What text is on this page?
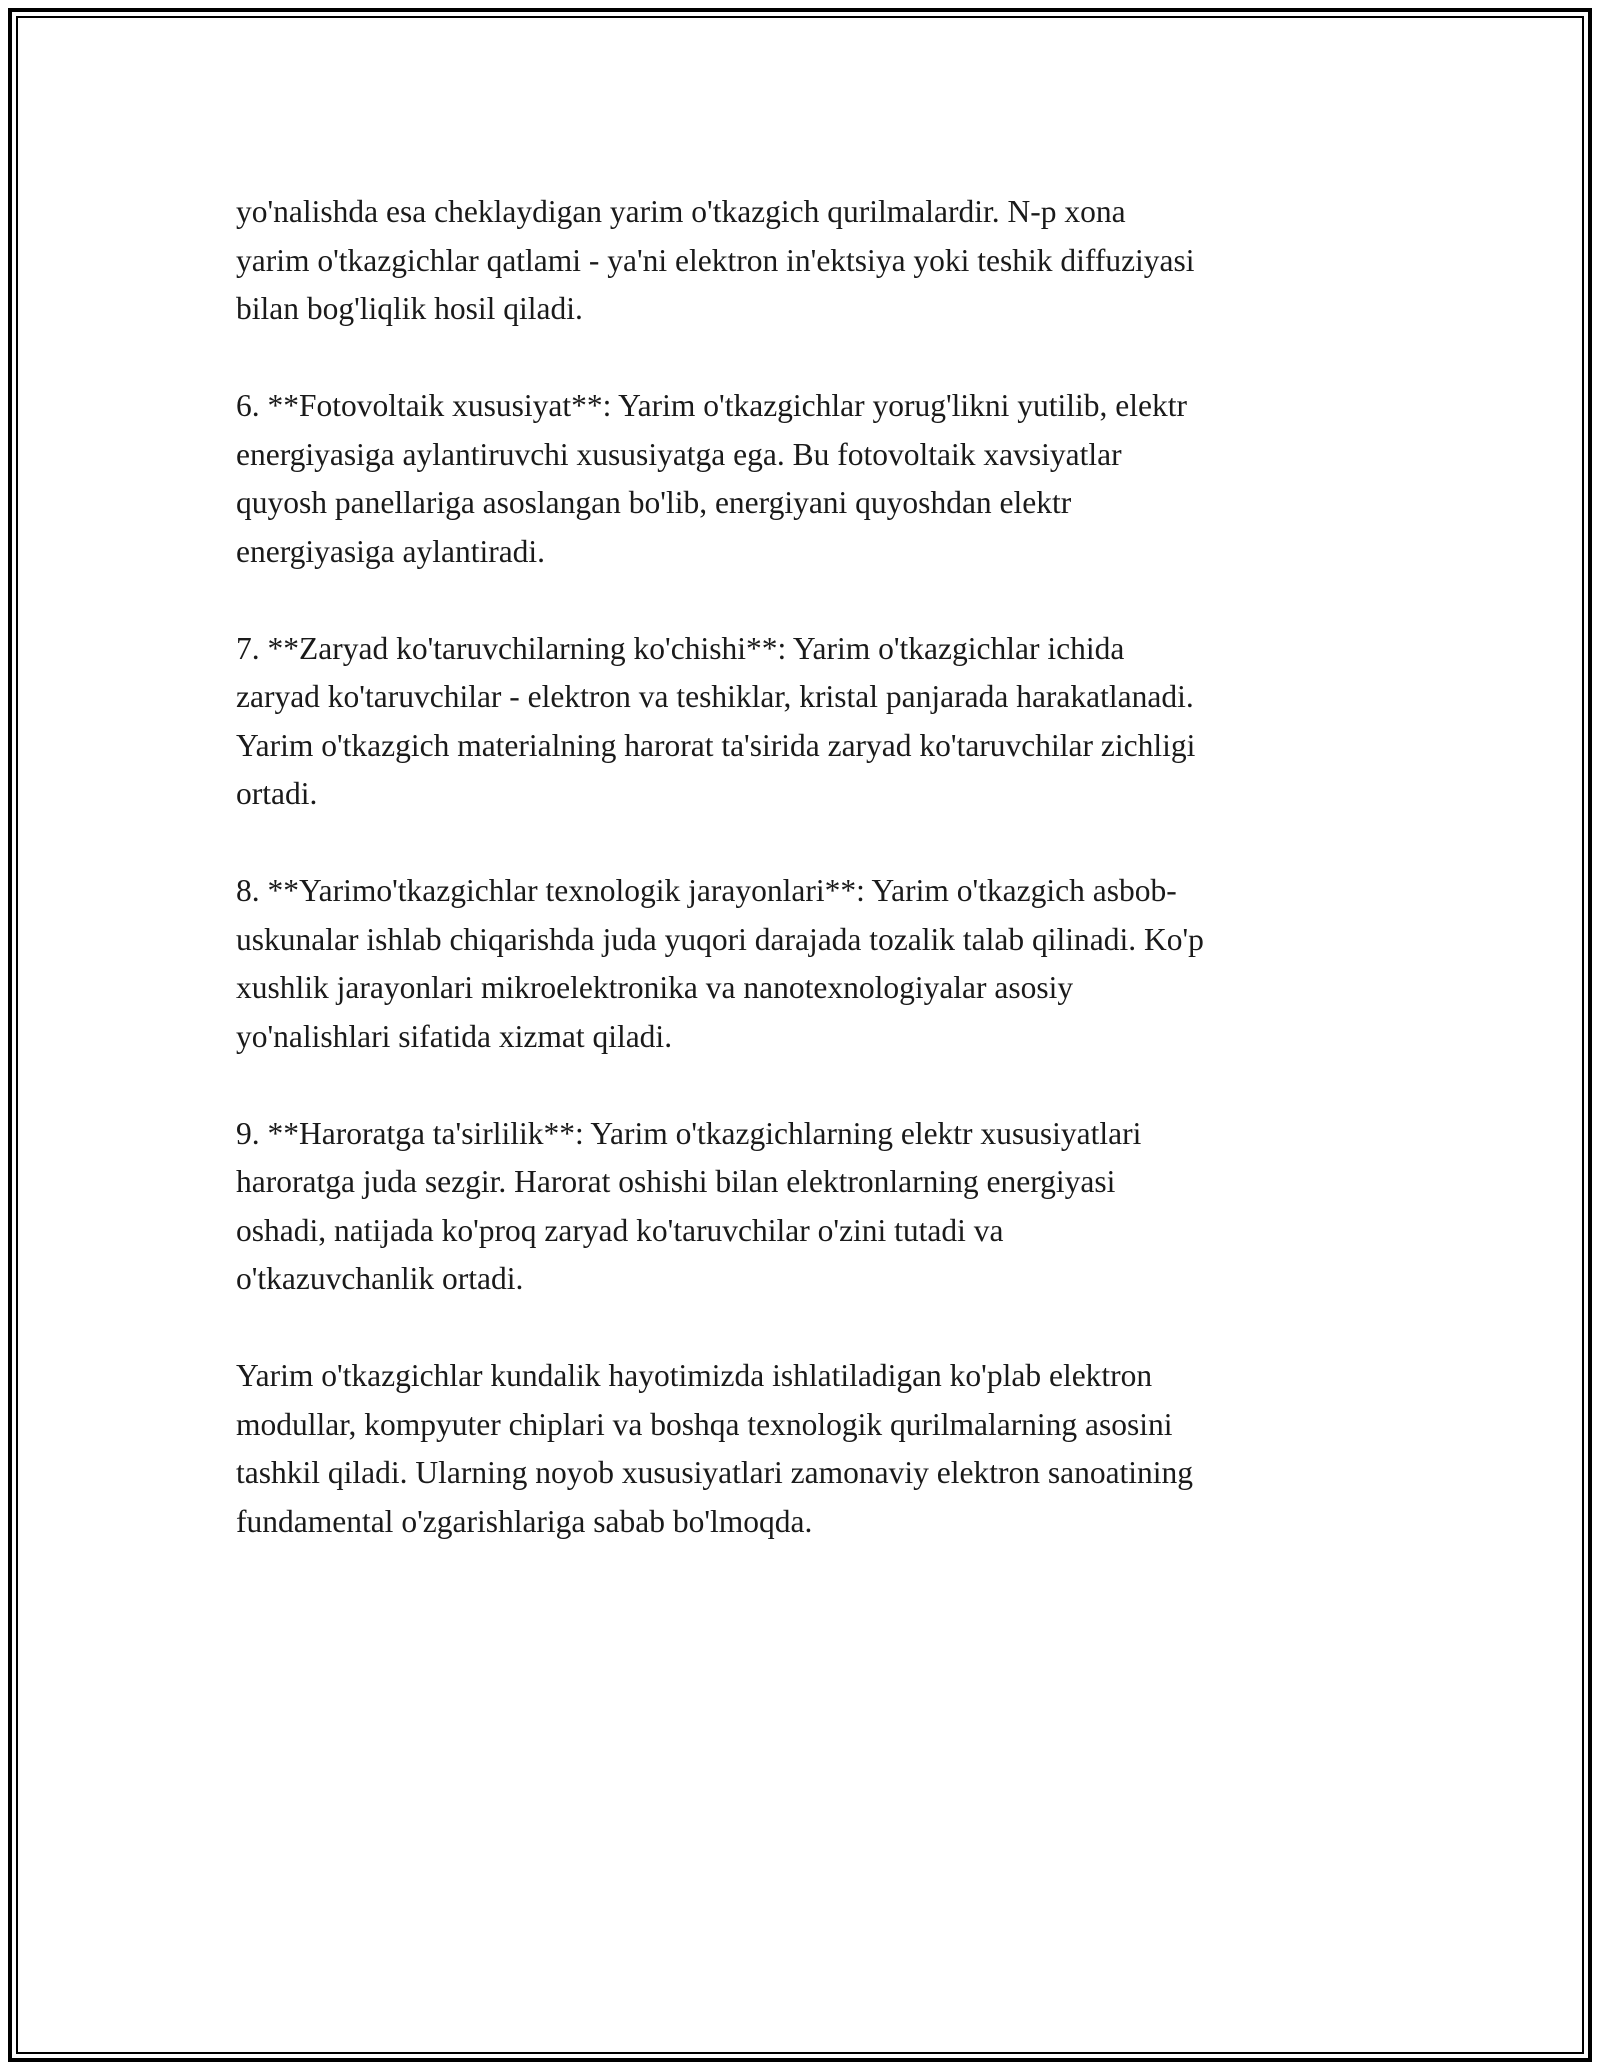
yo'nalishda esa cheklaydigan yarim o'tkazgich qurilmalardir. N-p xona
yarim o'tkazgichlar qatlami - ya'ni elektron in'ektsiya yoki teshik diffuziyasi
bilan bog'liqlik hosil qiladi.

6. **Fotovoltaik xususiyat**: Yarim o'tkazgichlar yorug'likni yutilib, elektr
energiyasiga aylantiruvchi xususiyatga ega. Bu fotovoltaik xavsiyatlar
quyosh panellariga asoslangan bo'lib, energiyani quyoshdan elektr
energiyasiga aylantiradi.

7. **Zaryad ko'taruvchilarning ko'chishi**: Yarim o'tkazgichlar ichida
zaryad ko'taruvchilar - elektron va teshiklar, kristal panjarada harakatlanadi.
Yarim o'tkazgich materialning harorat ta'sirida zaryad ko'taruvchilar zichligi
ortadi.

8. **Yarimo'tkazgichlar texnologik jarayonlari**: Yarim o'tkazgich asbob-
uskunalar ishlab chiqarishda juda yuqori darajada tozalik talab qilinadi. Ko'p
xushlik jarayonlari mikroelektronika va nanotexnologiyalar asosiy
yo'nalishlari sifatida xizmat qiladi.

9. **Haroratga ta'sirlilik**: Yarim o'tkazgichlarning elektr xususiyatlari
haroratga juda sezgir. Harorat oshishi bilan elektronlarning energiyasi
oshadi, natijada ko'proq zaryad ko'taruvchilar o'zini tutadi va
o'tkazuvchanlik ortadi.

Yarim o'tkazgichlar kundalik hayotimizda ishlatiladigan ko'plab elektron
modullar, kompyuter chiplari va boshqa texnologik qurilmalarning asosini
tashkil qiladi. Ularning noyob xususiyatlari zamonaviy elektron sanoatining
fundamental o'zgarishlariga sabab bo'lmoqda.
